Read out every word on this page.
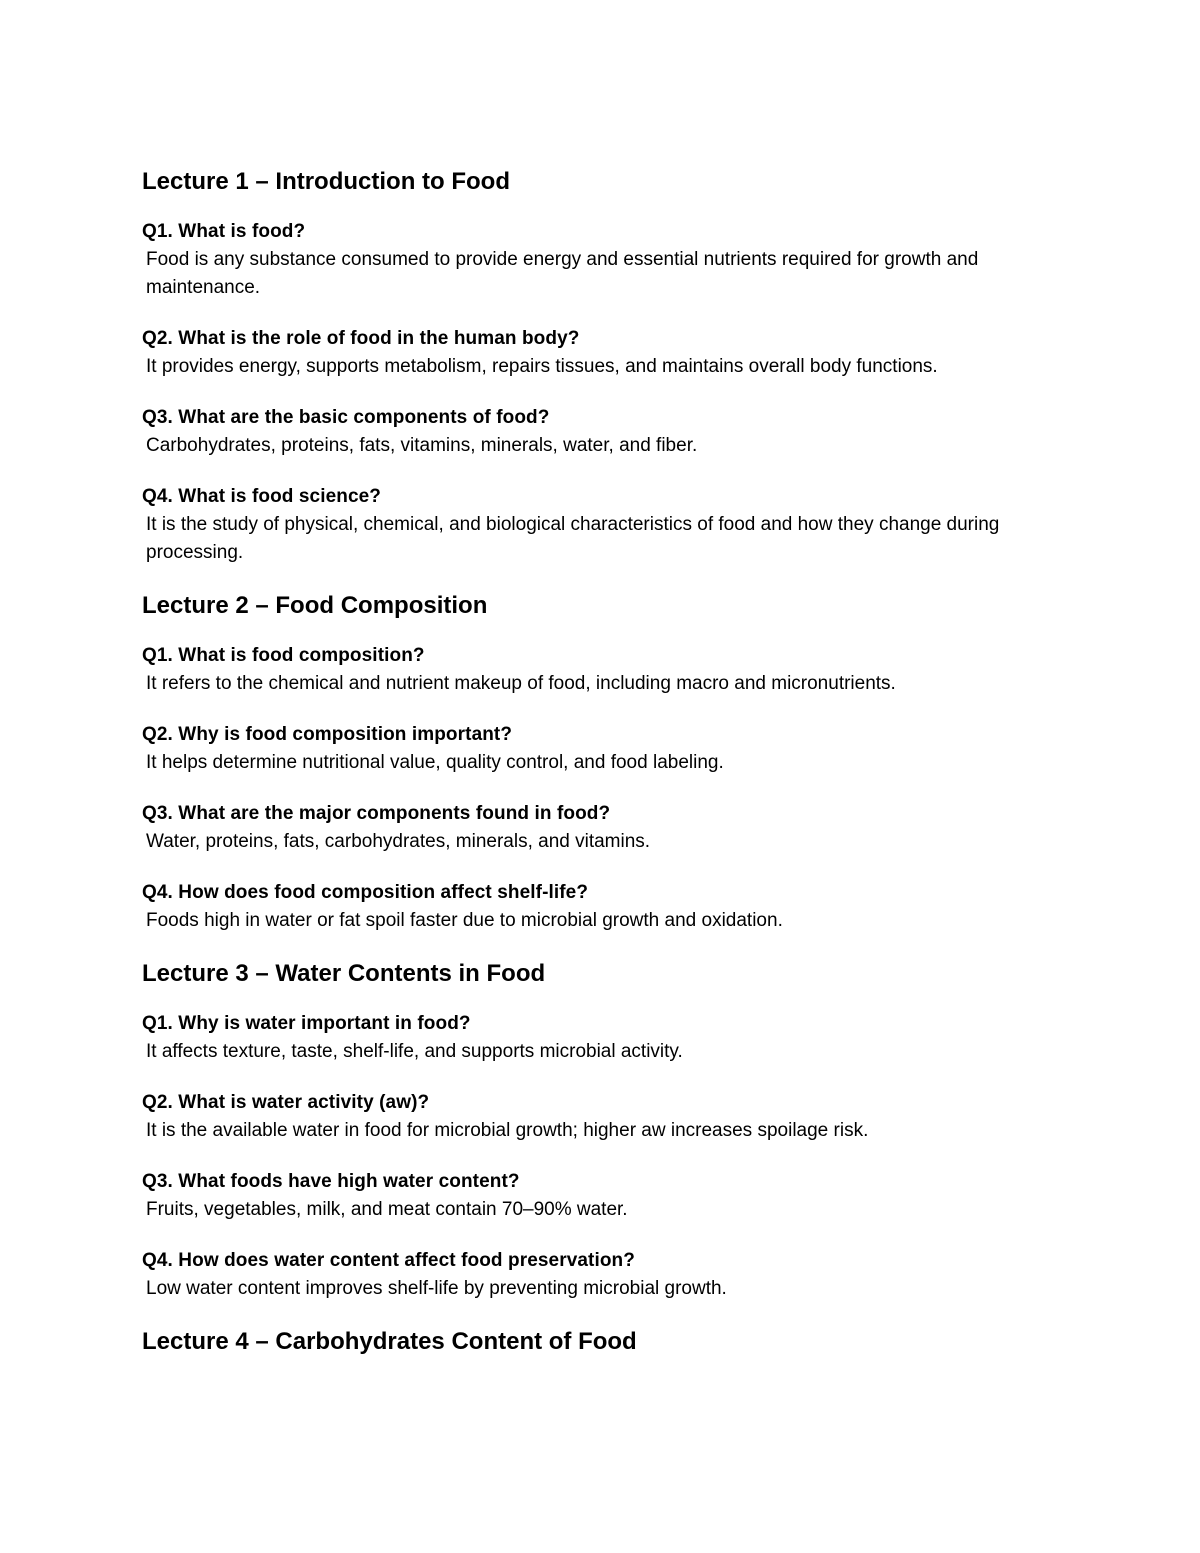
Lecture 1 – Introduction to Food

Q1. What is food?

Food is any substance consumed to provide energy and essential nutrients required for growth and maintenance.

Q2. What is the role of food in the human body?

It provides energy, supports metabolism, repairs tissues, and maintains overall body functions.

Q3. What are the basic components of food?

Carbohydrates, proteins, fats, vitamins, minerals, water, and fiber.

Q4. What is food science?

It is the study of physical, chemical, and biological characteristics of food and how they change during processing.

Lecture 2 – Food Composition

Q1. What is food composition?

It refers to the chemical and nutrient makeup of food, including macro and micronutrients.

Q2. Why is food composition important?

It helps determine nutritional value, quality control, and food labeling.

Q3. What are the major components found in food?

Water, proteins, fats, carbohydrates, minerals, and vitamins.

Q4. How does food composition affect shelf-life?

Foods high in water or fat spoil faster due to microbial growth and oxidation.

Lecture 3 – Water Contents in Food

Q1. Why is water important in food?

It affects texture, taste, shelf-life, and supports microbial activity.

Q2. What is water activity (aw)?

It is the available water in food for microbial growth; higher aw increases spoilage risk.

Q3. What foods have high water content?

Fruits, vegetables, milk, and meat contain 70–90% water.

Q4. How does water content affect food preservation?

Low water content improves shelf-life by preventing microbial growth.

Lecture 4 – Carbohydrates Content of Food
